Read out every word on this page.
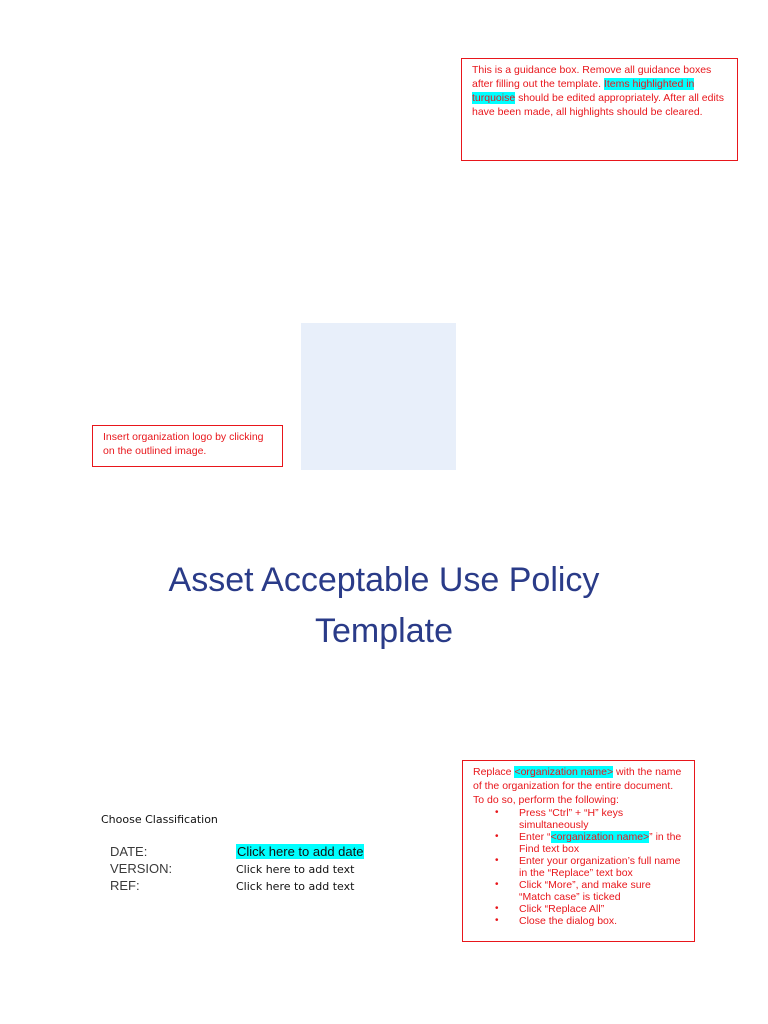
This is a guidance box. Remove all guidance boxes after filling out the template. Items highlighted in turquoise should be edited appropriately. After all edits have been made, all highlights should be cleared.
Insert organization logo by clicking on the outlined image.
Asset Acceptable Use Policy
Template
Choose Classification
DATE:	Click here to add date
VERSION:	Click here to add text
REF:	Click here to add text
Replace <organization name> with the name of the organization for the entire document. To do so, perform the following:
• Press “Ctrl” + “H” keys simultaneously
• Enter “<organization name>” in the Find text box
• Enter your organization’s full name in the “Replace” text box
• Click “More”, and make sure “Match case” is ticked
• Click “Replace All”
• Close the dialog box.
